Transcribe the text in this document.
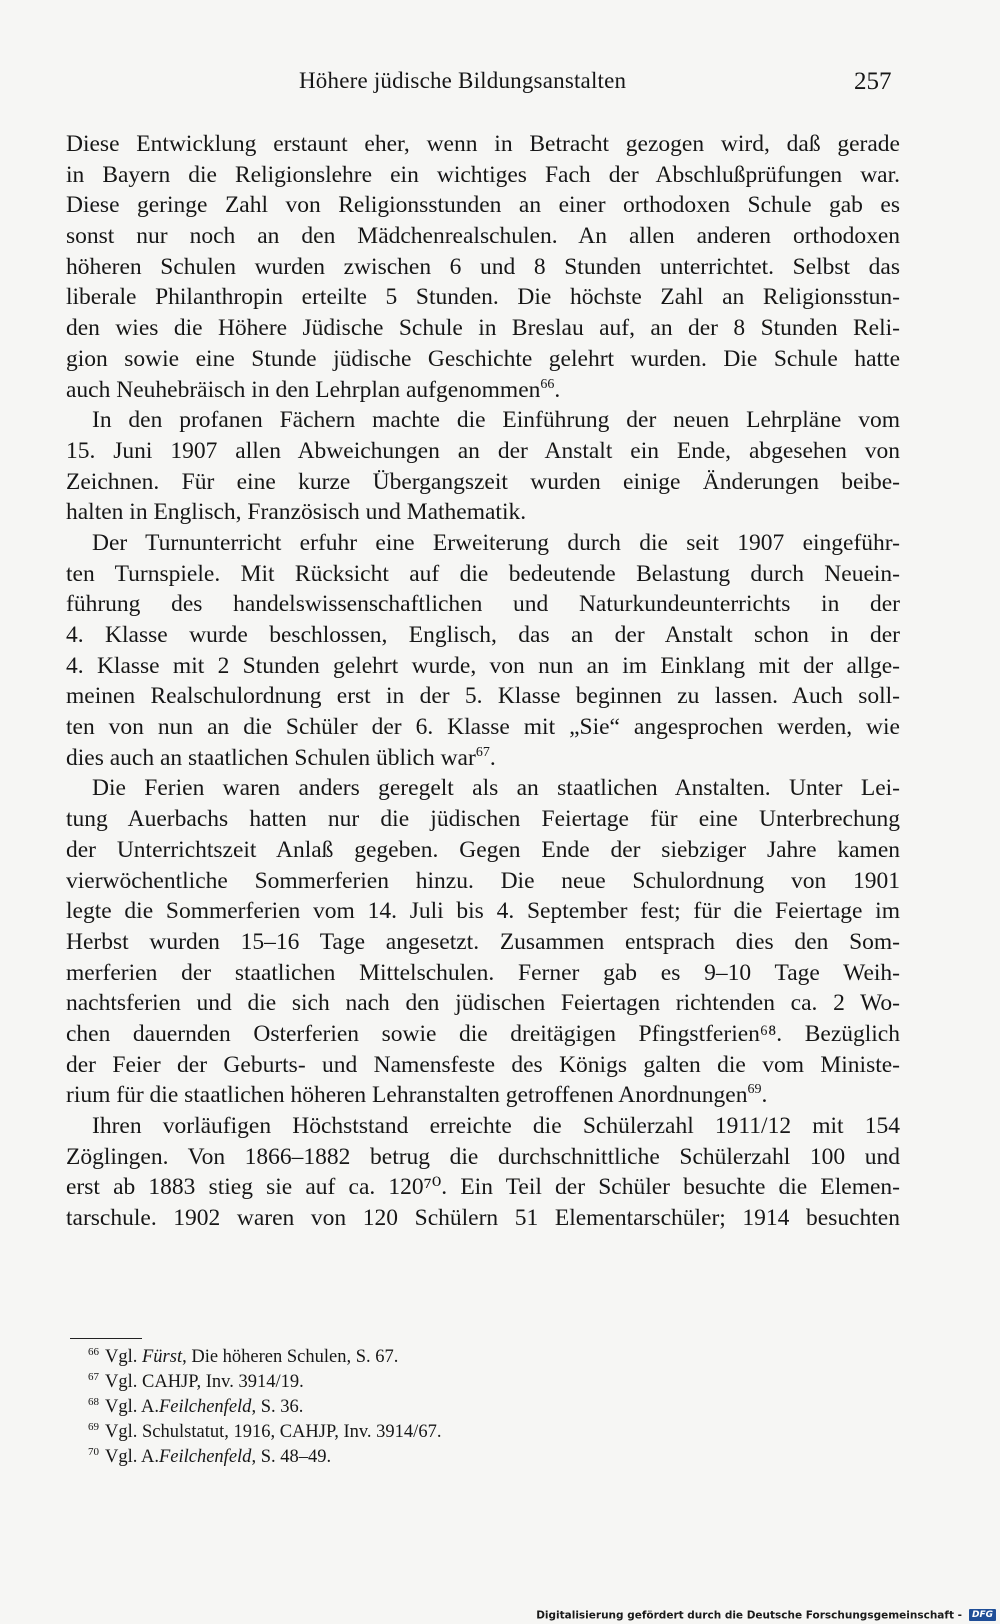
Höhere jüdische Bildungsanstalten	257
Diese Entwicklung erstaunt eher, wenn in Betracht gezogen wird, daß gerade
in Bayern die Religionslehre ein wichtiges Fach der Abschlußprüfungen war.
Diese geringe Zahl von Religionsstunden an einer orthodoxen Schule gab es
sonst nur noch an den Mädchenrealschulen. An allen anderen orthodoxen
höheren Schulen wurden zwischen 6 und 8 Stunden unterrichtet. Selbst das
liberale Philanthropin erteilte 5 Stunden. Die höchste Zahl an Religionsstun-
den wies die Höhere Jüdische Schule in Breslau auf, an der 8 Stunden Reli-
gion sowie eine Stunde jüdische Geschichte gelehrt wurden. Die Schule hatte
auch Neuhebräisch in den Lehrplan aufgenommen$^{66}$.
In den profanen Fächern machte die Einführung der neuen Lehrpläne vom
15. Juni 1907 allen Abweichungen an der Anstalt ein Ende, abgesehen von
Zeichnen. Für eine kurze Übergangszeit wurden einige Änderungen beibe-
halten in Englisch, Französisch und Mathematik.
Der Turnunterricht erfuhr eine Erweiterung durch die seit 1907 eingeführ-
ten Turnspiele. Mit Rücksicht auf die bedeutende Belastung durch Neuein-
führung des handelswissenschaftlichen und Naturkundeunterrichts in der
4. Klasse wurde beschlossen, Englisch, das an der Anstalt schon in der
4. Klasse mit 2 Stunden gelehrt wurde, von nun an im Einklang mit der allge-
meinen Realschulordnung erst in der 5. Klasse beginnen zu lassen. Auch soll-
ten von nun an die Schüler der 6. Klasse mit „Sie“ angesprochen werden, wie
dies auch an staatlichen Schulen üblich war$^{67}$.
Die Ferien waren anders geregelt als an staatlichen Anstalten. Unter Lei-
tung Auerbachs hatten nur die jüdischen Feiertage für eine Unterbrechung
der Unterrichtszeit Anlaß gegeben. Gegen Ende der siebziger Jahre kamen
vierwöchentliche Sommerferien hinzu. Die neue Schulordnung von 1901
legte die Sommerferien vom 14. Juli bis 4. September fest; für die Feiertage im
Herbst wurden 15–16 Tage angesetzt. Zusammen entsprach dies den Som-
merferien der staatlichen Mittelschulen. Ferner gab es 9–10 Tage Weih-
nachtsferien und die sich nach den jüdischen Feiertagen richtenden ca. 2 Wo-
chen dauernden Osterferien sowie die dreitägigen Pfingstferien⁶⁸. Bezüglich
der Feier der Geburts- und Namensfeste des Königs galten die vom Ministe-
rium für die staatlichen höheren Lehranstalten getroffenen Anordnungen$^{69}$.
Ihren vorläufigen Höchststand erreichte die Schülerzahl 1911/12 mit 154
Zöglingen. Von 1866–1882 betrug die durchschnittliche Schülerzahl 100 und
erst ab 1883 stieg sie auf ca. 120⁷⁰. Ein Teil der Schüler besuchte die Elemen-
tarschule. 1902 waren von 120 Schülern 51 Elementarschüler; 1914 besuchten
$^{66}$ Vgl. Fürst, Die höheren Schulen, S. 67.
$^{67}$ Vgl. CAHJP, Inv. 3914/19.
$^{68}$ Vgl. A.Feilchenfeld, S. 36.
$^{69}$ Vgl. Schulstatut, 1916, CAHJP, Inv. 3914/67.
$^{70}$ Vgl. A.Feilchenfeld, S. 48–49.
Digitalisierung gefördert durch die Deutsche Forschungsgemeinschaft - DFG
